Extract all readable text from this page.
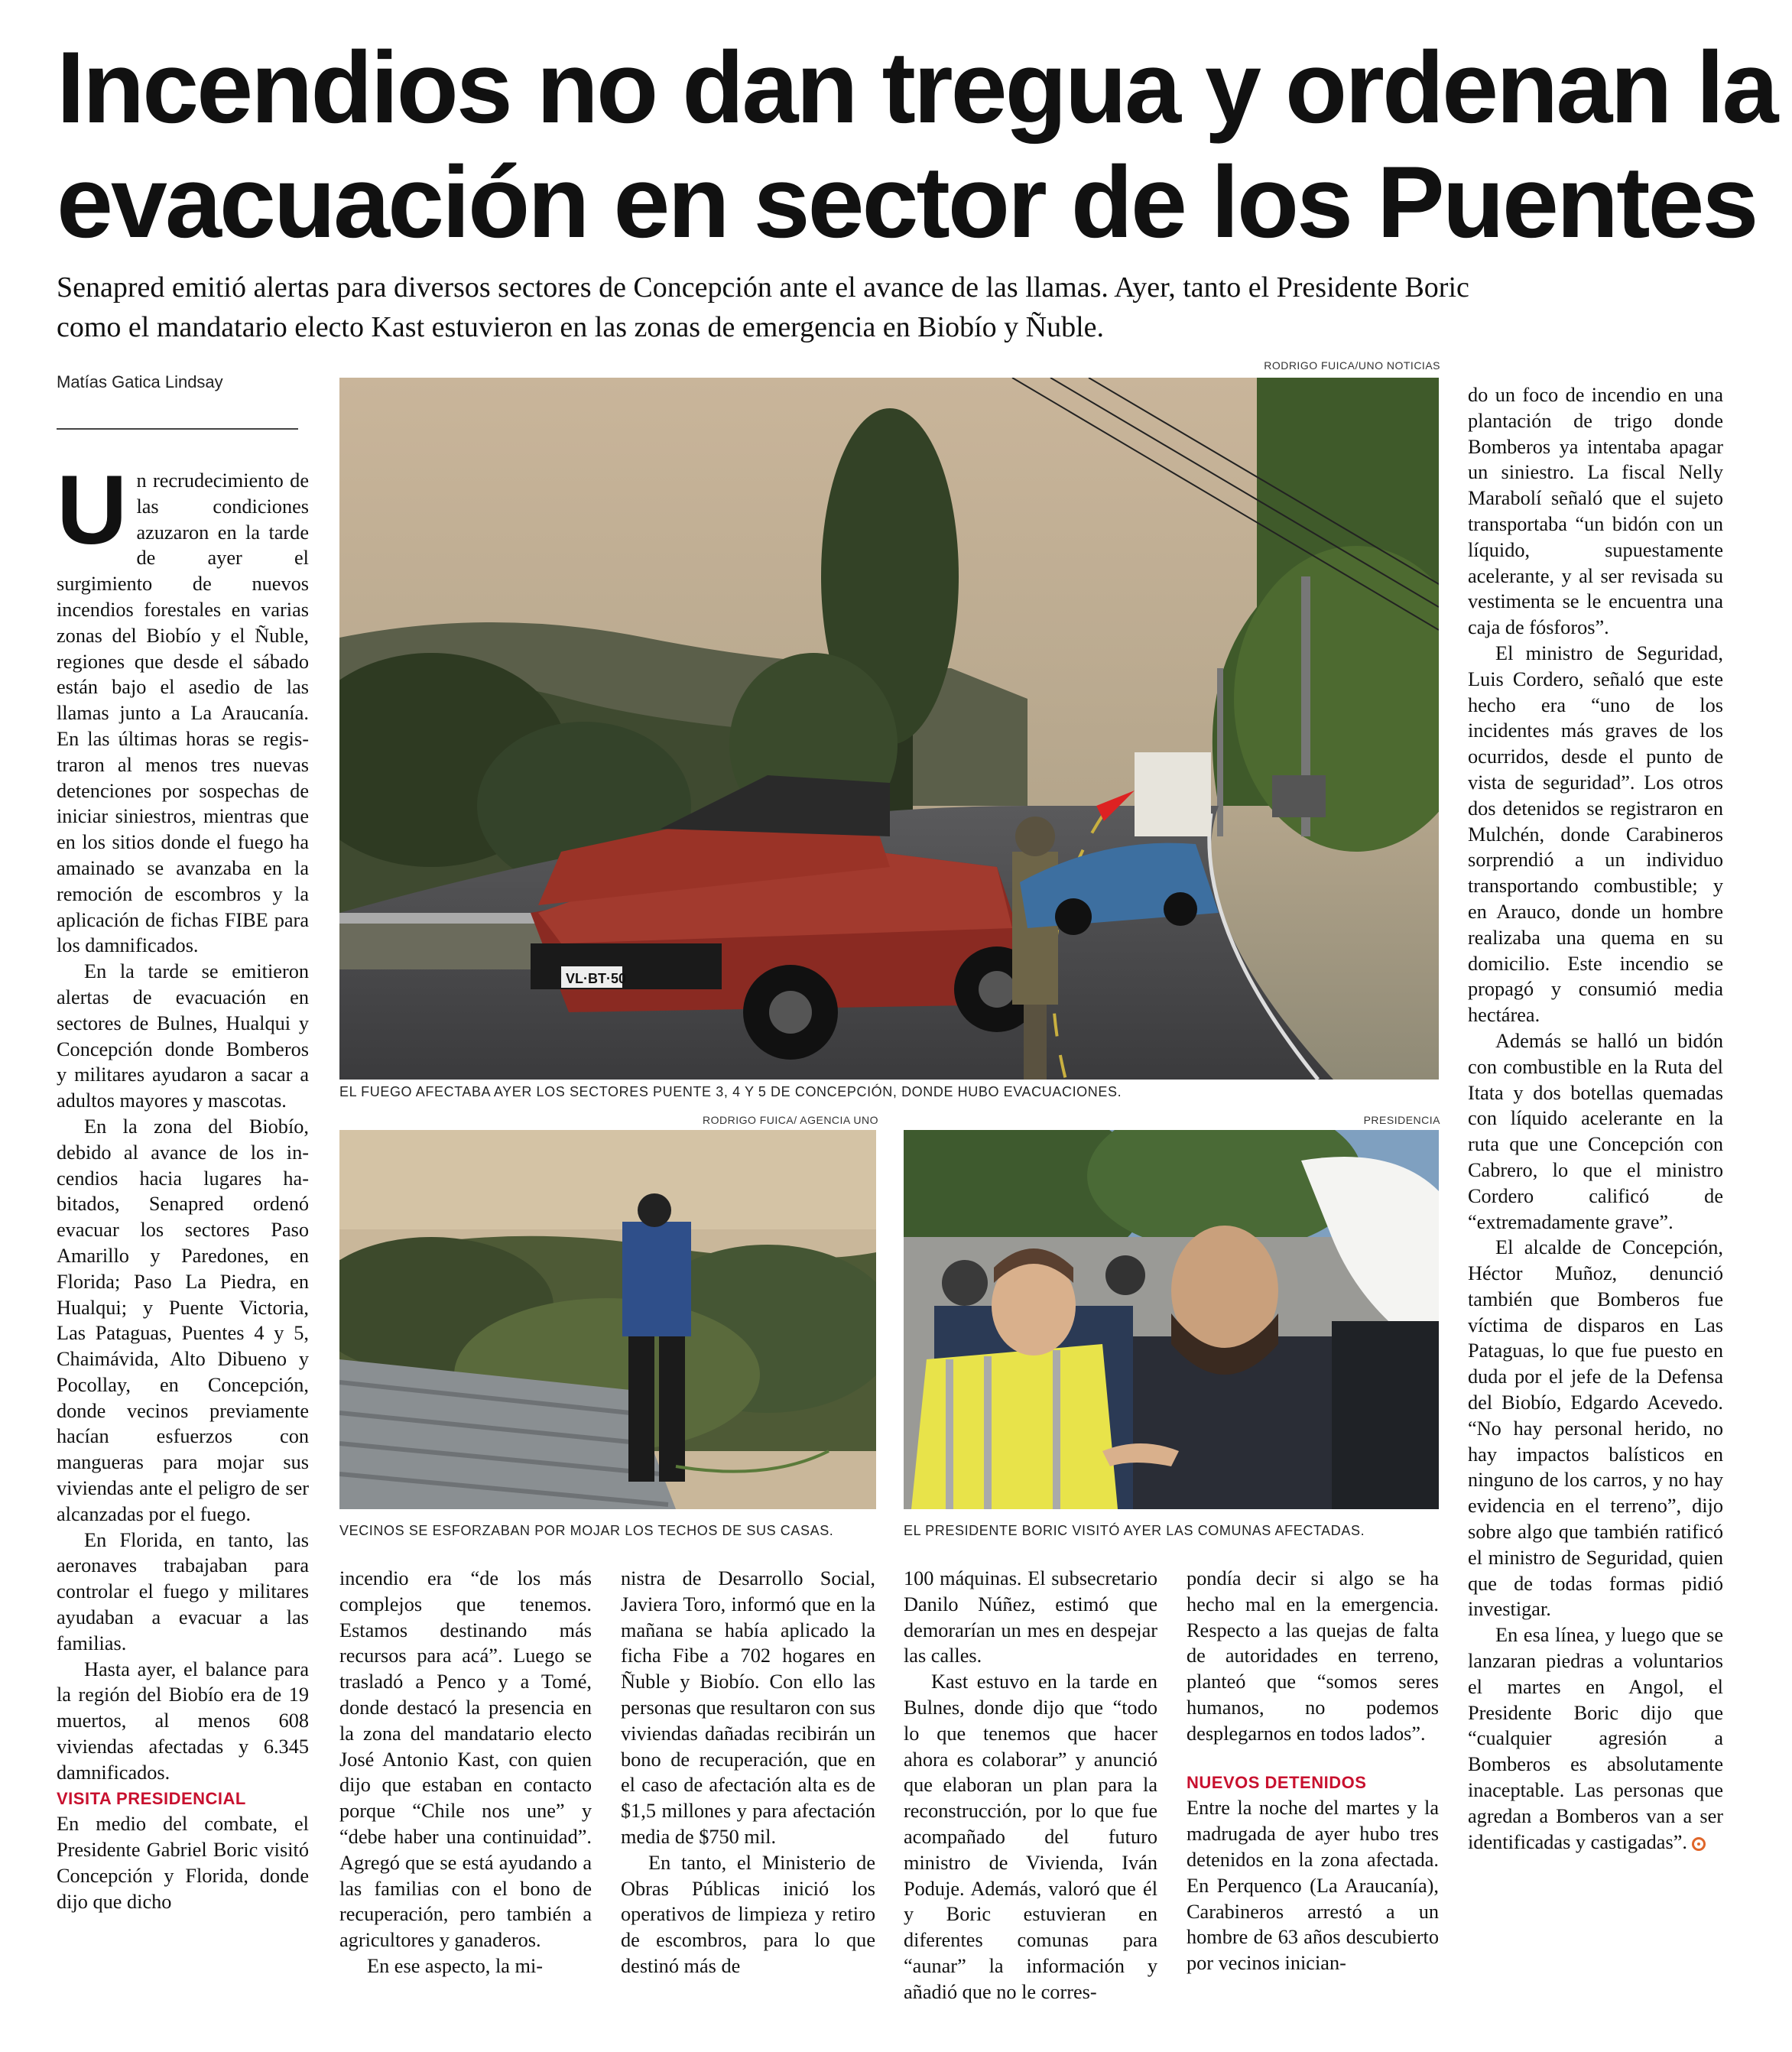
Incendios no dan tregua y ordenan la
evacuación en sector de los Puentes
Senapred emitió alertas para diversos sectores de Concepción ante el avance de las llamas. Ayer, tanto el Presidente Boric
como el mandatario electo Kast estuvieron en las zonas de emergencia en Biobío y Ñuble.
Matías Gatica Lindsay
RODRIGO FUICA/UNO NOTICIAS
VL·BT·50
EL FUEGO AFECTABA AYER LOS SECTORES PUENTE 3, 4 Y 5 DE CONCEPCIÓN, DONDE HUBO EVACUACIONES.
RODRIGO FUICA/ AGENCIA UNO
VECINOS SE ESFORZABAN POR MOJAR LOS TECHOS DE SUS CASAS.
PRESIDENCIA
EL PRESIDENTE BORIC VISITÓ AYER LAS COMUNAS AFECTADAS.

Un recrudecimiento de las condiciones azuzaron en la tarde de ayer el surgimiento de nuevos incendios forestales en varias zonas del Biobío y el Ñuble, regiones que desde el sábado están bajo el asedio de las llamas junto a La Araucanía. En las últimas horas se registraron al menos tres nuevas detenciones por sospechas de iniciar siniestros, mientras que en los sitios donde el fuego ha amainado se avanzaba en la remoción de escombros y la aplicación de fichas FIBE para los damnificados.

En la tarde se emitieron alertas de evacuación en sectores de Bulnes, Hualqui y Concepción donde Bomberos y militares ayudaron a sacar a adultos mayores y mascotas.

En la zona del Biobío, debido al avance de los incendios hacia lugares habitados, Senapred ordenó evacuar los sectores Paso Amarillo y Paredones, en Florida; Paso La Piedra, en Hualqui; y Puente Victoria, Las Pataguas, Puentes 4 y 5, Chaimávida, Alto Dibueno y Pocollay, en Concepción, donde vecinos previamente hacían esfuerzos con mangueras para mojar sus viviendas ante el peligro de ser alcanzadas por el fuego.

En Florida, en tanto, las aeronaves trabajaban para controlar el fuego y militares ayudaban a evacuar a las familias.

Hasta ayer, el balance para la región del Biobío era de 19 muertos, al menos 608 viviendas afectadas y 6.345 damnificados.

VISITA PRESIDENCIAL

En medio del combate, el Presidente Gabriel Boric visitó Concepción y Florida, donde dijo que dicho

incendio era “de los más complejos que tenemos. Estamos destinando más recursos para acá”. Luego se trasladó a Penco y a Tomé, donde destacó la presencia en la zona del mandatario electo José Antonio Kast, con quien dijo que estaban en contacto porque “Chile nos une” y “debe haber una continuidad”. Agregó que se está ayudando a las familias con el bono de recuperación, pero también a agricultores y ganaderos.

En ese aspecto, la mi-

nistra de Desarrollo Social, Javiera Toro, informó que en la mañana se había aplicado la ficha Fibe a 702 hogares en Ñuble y Biobío. Con ello las personas que resultaron con sus viviendas dañadas recibirán un bono de recuperación, que en el caso de afectación alta es de $1,5 millones y para afectación media de $750 mil.

En tanto, el Ministerio de Obras Públicas inició los operativos de limpieza y retiro de escombros, para lo que destinó más de

100 máquinas. El subsecretario Danilo Núñez, estimó que demorarían un mes en despejar las calles.

Kast estuvo en la tarde en Bulnes, donde dijo que “todo lo que tenemos que hacer ahora es colaborar” y anunció que elaboran un plan para la reconstrucción, por lo que fue acompañado del futuro ministro de Vivienda, Iván Poduje. Además, valoró que él y Boric estuvieran en diferentes comunas para “aunar” la información y añadió que no le corres-

pondía decir si algo se ha hecho mal en la emergencia. Respecto a las quejas de falta de autoridades en terreno, planteó que “somos seres humanos, no podemos desplegarnos en todos lados”.

NUEVOS DETENIDOS

Entre la noche del martes y la madrugada de ayer hubo tres detenidos en la zona afectada. En Perquenco (La Araucanía), Carabineros arrestó a un hombre de 63 años descubierto por vecinos inician-

do un foco de incendio en una plantación de trigo donde Bomberos ya intentaba apagar un siniestro. La fiscal Nelly Marabolí señaló que el sujeto transportaba “un bidón con un líquido, supuestamente acelerante, y al ser revisada su vestimenta se le encuentra una caja de fósforos”.

El ministro de Seguridad, Luis Cordero, señaló que este hecho era “uno de los incidentes más graves de los ocurridos, desde el punto de vista de seguridad”. Los otros dos detenidos se registraron en Mulchén, donde Carabineros sorprendió a un individuo transportando combustible; y en Arauco, donde un hombre realizaba una quema en su domicilio. Este incendio se propagó y consumió media hectárea.

Además se halló un bidón con combustible en la Ruta del Itata y dos botellas quemadas con líquido acelerante en la ruta que une Concepción con Cabrero, lo que el ministro Cordero calificó de “extremadamente grave”.

El alcalde de Concepción, Héctor Muñoz, denunció también que Bomberos fue víctima de disparos en Las Pataguas, lo que fue puesto en duda por el jefe de la Defensa del Biobío, Edgardo Acevedo. “No hay personal herido, no hay impactos balísticos en ninguno de los carros, y no hay evidencia en el terreno”, dijo sobre algo que también ratificó el ministro de Seguridad, quien que de todas formas pidió investigar.

En esa línea, y luego que se lanzaran piedras a voluntarios el martes en Angol, el Presidente Boric dijo que “cualquier agresión a Bomberos es absolutamente inaceptable. Las personas que agredan a Bomberos van a ser identificadas y castigadas”.
